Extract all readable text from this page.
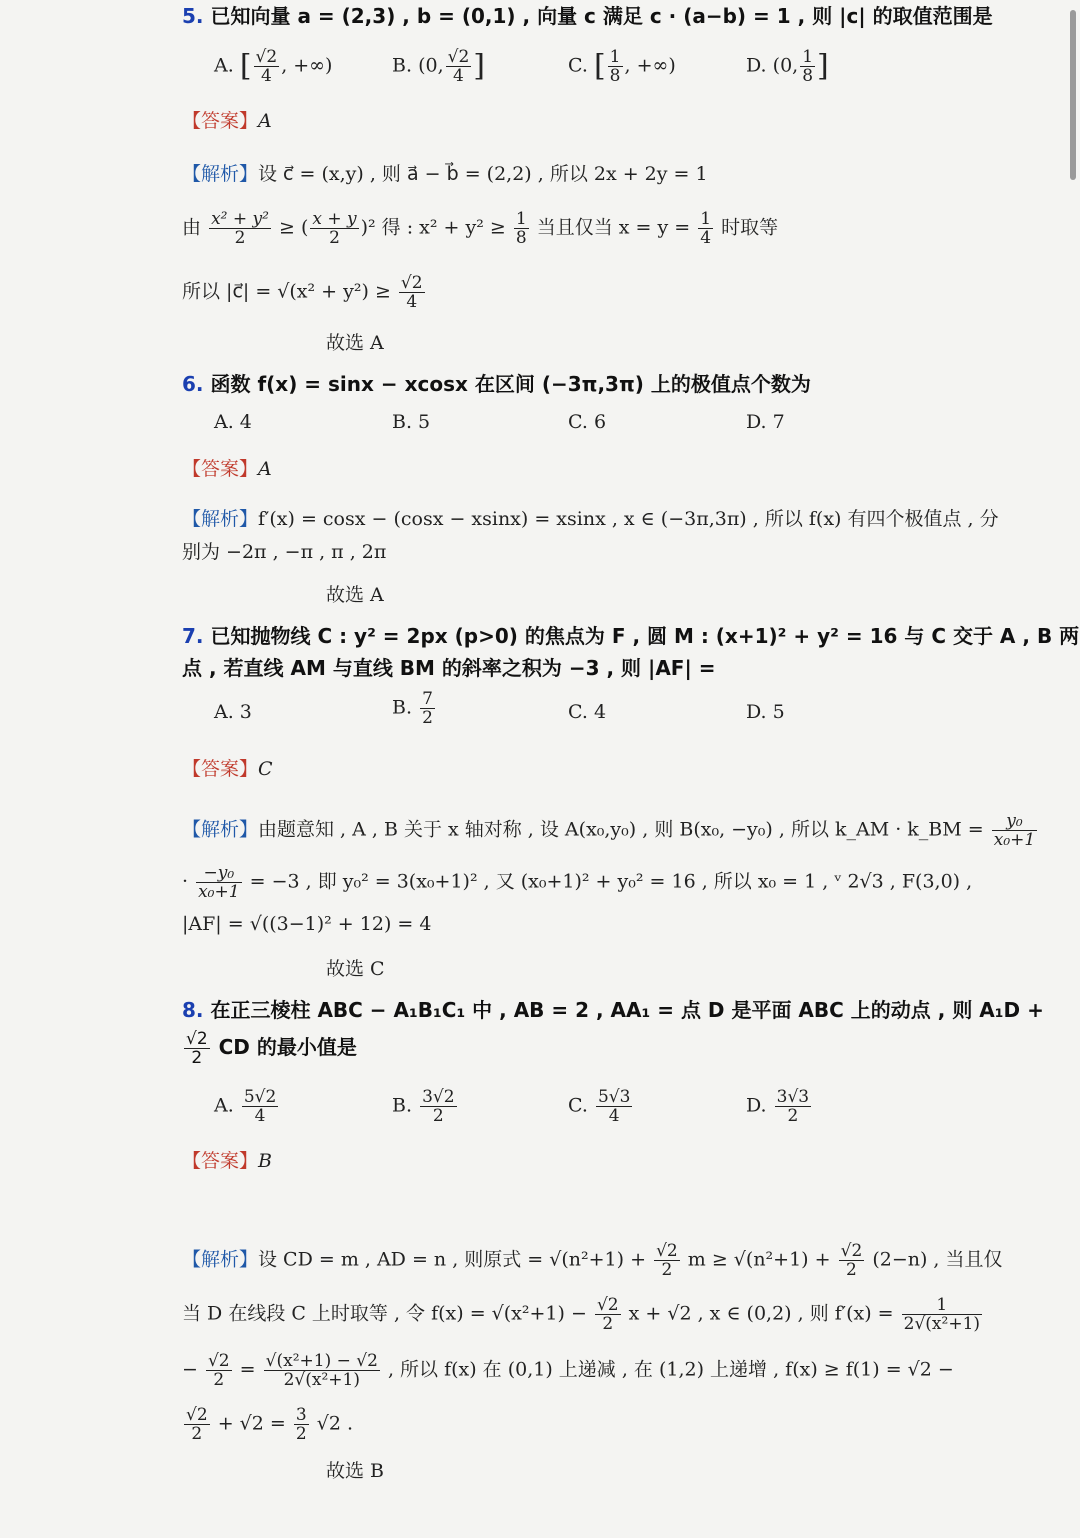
5. 已知向量 a = (2,3) , b = (0,1) , 向量 c 满足 c · (a−b) = 1 , 则 |c| 的取值范围是
A. [ $\frac{√2}{4}$ , +∞)	B. (0, $\frac{√2}{4}$ ]	C. [ $\frac{1}{8}$ , +∞)	D. (0, $\frac{1}{8}$ ]
【答案】A
【解析】设 c⃗ = (x,y) , 则 a⃗ − b⃗ = (2,2) , 所以 2x + 2y = 1
由 $\frac{\text{x² + y²}}{2}$ ≥ ( $\frac{x + y}{2} )^2$ 得 : $x^2 + y^2 \ge \frac{1}{8}$ 当且仅当 $x = y = \frac{1}{4}$ 时取等
所以 |c⃗| = $√(x^2 + y^2) \ge \frac{√2}{4}$
故选 A
6. 函数 f(x) = sinx − xcosx 在区间 (−3π,3π) 上的极值点个数为
A. 4	B. 5	C. 6	D. 7
【答案】A
【解析】f′(x) = cosx − (cosx − xsinx) = xsinx , x ∈ (−3π,3π) , 所以 f(x) 有四个极值点 , 分
别为 −2π , −π , π , 2π
故选 A
7. 已知抛物线 C : y² = 2px (p>0) 的焦点为 F , 圆 M : (x+1)² + y² = 16 与 C 交于 A , B 两
点 , 若直线 AM 与直线 BM 的斜率之积为 −3 , 则 |AF| =
A. 3	B. $\frac{7}{2}$	C. 4	D. 5
【答案】C
【解析】由题意知 , A , B 关于 x 轴对称 , 设 A(x₀,y₀) , 则 B(x₀, −y₀) , 所以 k_AM · k_BM = $\frac{\text{y₀}}{\text{x₀+1}}$
· $\frac{\text{−y₀}}{\text{x₀+1}} = -3$ , 即 y₀² = 3(x₀+1)² , 又 (x₀+1)² + y₀² = 16 , 所以 x₀ = 1 , ᵛ 2√3 , F(3,0) ,
|AF| = √((3−1)² + 12) = 4
故选 C
8. 在正三棱柱 ABC − A₁B₁C₁ 中 , AB = 2 , AA₁ = 点 D 是平面 ABC 上的动点 , 则 A₁D +
$\frac{√2}{2}$ CD 的最小值是
A. $\frac{5√2}{4}$	B. $\frac{3√2}{2}$	C. $\frac{5√3}{4}$	D. $\frac{3√3}{2}$
【答案】B
【解析】设 CD = m , AD = n , 则原式 = $√(n^2+1) + \frac{√2}{2}$ $m \ge √(n^2+1) + \frac{√2}{2} (2-n)$ , 当且仅
当 D 在线段 C 上时取等 , 令 $f(x) = √(x^2+1) - \frac{√2}{2}$ x + √2 , x ∈ (0,2) , 则 $f'(x) = \frac{1}{\text{2√(x²+1)}}$
− $\frac{√2}{2} = \frac{\text{√(x²+1) − √2}}{\text{2√(x²+1)}}$ , 所以 f(x) 在 (0,1) 上递减 , 在 (1,2) 上递增 , f(x) ≥ f(1) = √2 −
$\frac{√2}{2} + √2 = \frac{3}{2} √2$ .
故选 B
